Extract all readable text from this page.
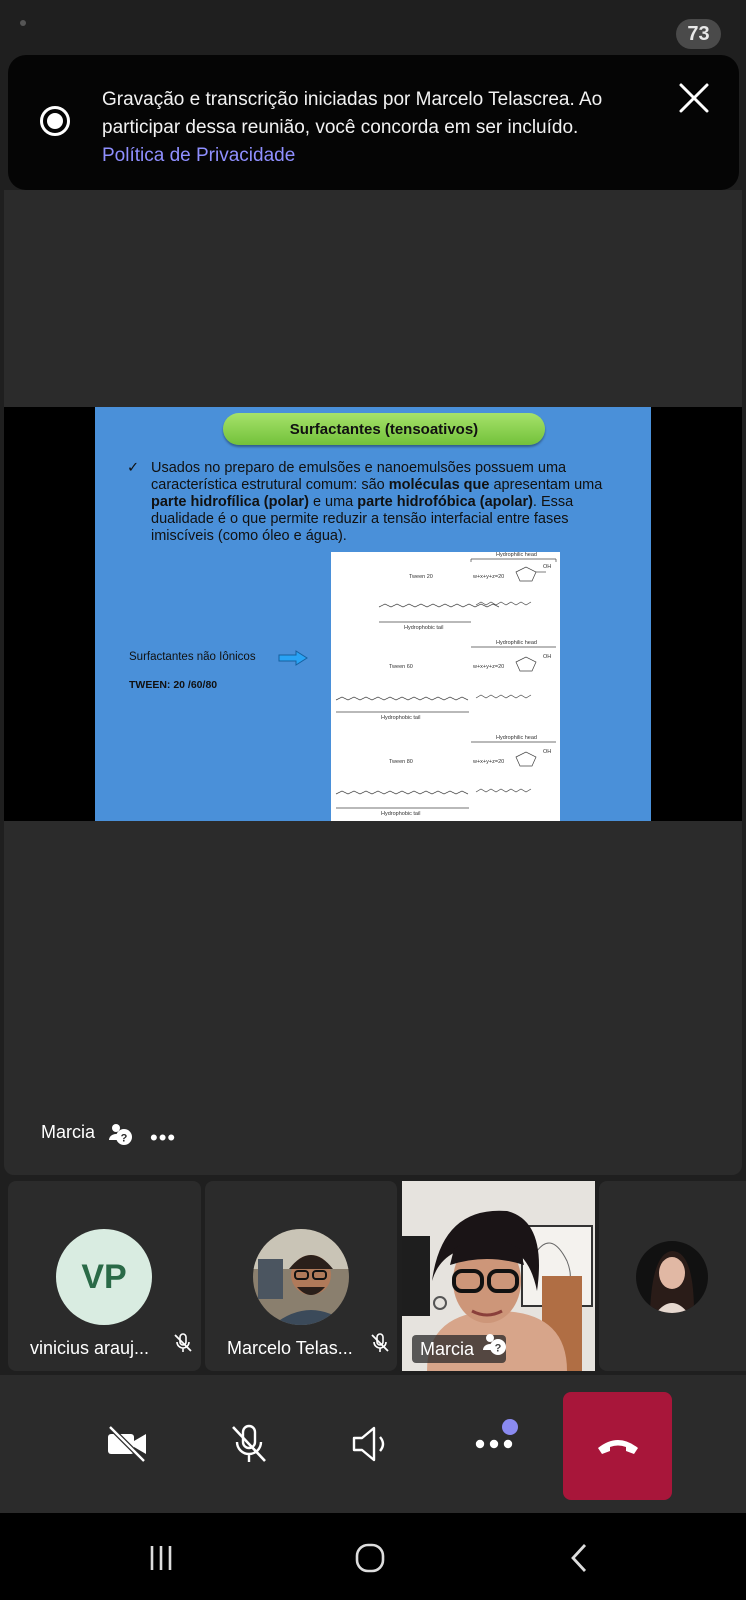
73
Gravação e transcrição iniciadas por Marcelo Telascrea. Ao participar dessa reunião, você concorda em ser incluído.
Política de Privacidade
Surfactantes (tensoativos)
✓ Usados no preparo de emulsões e nanoemulsões possuem uma característica estrutural comum: são moléculas que apresentam uma parte hidrofílica (polar) e uma parte hidrofóbica (apolar). Essa dualidade é o que permite reduzir a tensão interfacial entre fases imiscíveis (como óleo e água).

Surfactantes não Iônicos
TWEEN: 20 /60/80
Hydrophilic head
Tween 20	w+x+y+z=20
OH
Hydrophobic tail
Hydrophilic head
Tween 60	w+x+y+z=20
OH
Hydrophobic tail
Hydrophilic head
Tween 80	w+x+y+z=20
OH
Hydrophobic tail
Marcia ? •••
VP
vinicius arauj...	Marcelo Telas...	Marcia ?
